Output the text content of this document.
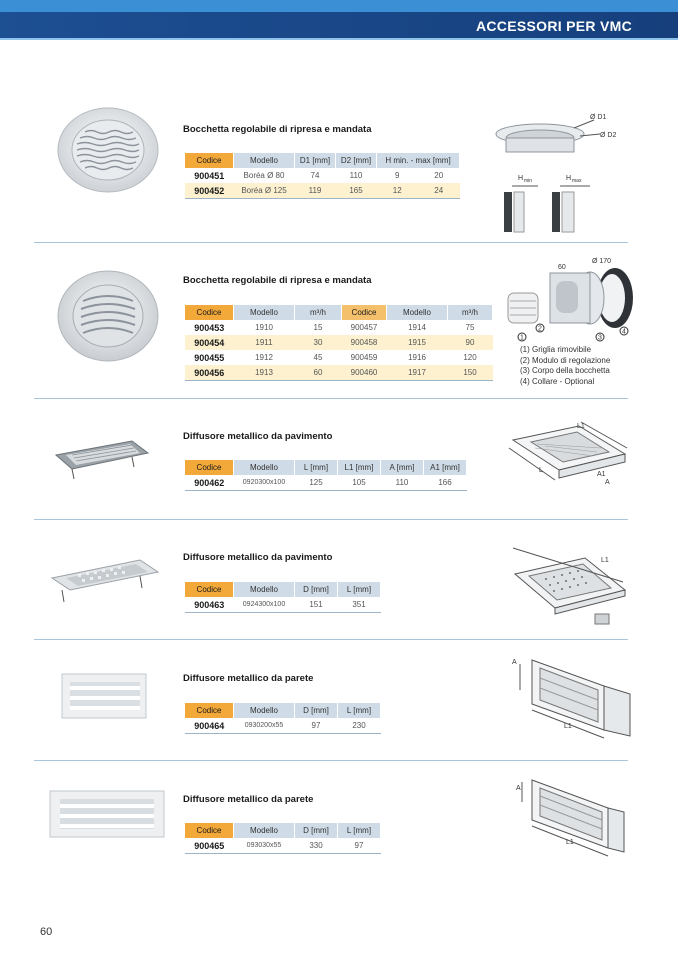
ACCESSORI PER VMC
Bocchetta regolabile di ripresa e mandata
Codice	Modello	D1 [mm]	D2 [mm]	H min. - max [mm]	
900451	Boréa Ø 80	74	110	9	20
900452	Boréa Ø 125	119	165	12	24
Ø D1
Ø D2
H min	H max
Bocchetta regolabile di ripresa e mandata
Codice	Modello	m³/h	Codice	Modello	m³/h
900453	1910	15	900457	1914	75
900454	1911	30	900458	1915	90
900455	1912	45	900459	1916	120
900456	1913	60	900460	1917	150
60
Ø 170
1
2
3
4
(1) Griglia rimovibile
(2) Modulo di regolazione
(3) Corpo della bocchetta
(4) Collare - Optional
Diffusore metallico da pavimento
Codice	Modello	L [mm]	L1 [mm]	A [mm]	A1 [mm]
900462	0920300x100	125	105	110	166
L1
L
A1
A
Diffusore metallico da pavimento
Codice	Modello	D [mm]	L [mm]
900463	0924300x100	151	351
L1
Diffusore metallico da parete
Codice	Modello	D [mm]	L [mm]
900464	0930200x55	97	230
A
L1
Diffusore metallico da parete
Codice	Modello	D [mm]	L [mm]
900465	093030x55	330	97
A
L1
60
